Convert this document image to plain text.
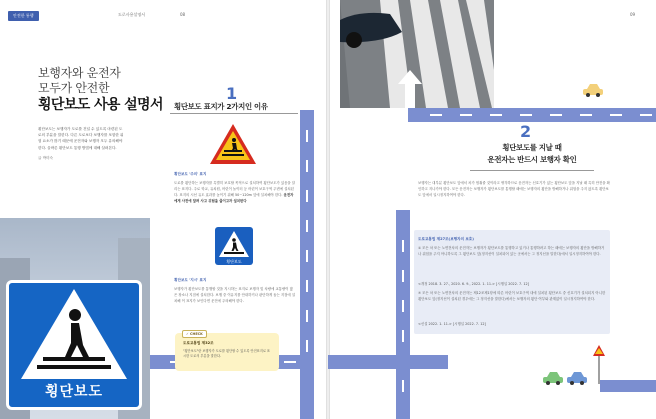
안전한 통행	도로사용설명서	08	09
보행자와 운전자
모두가 안전한
횡단보도 사용 설명서
횡단보도는 보행자가 도로를 건널 수 있도록 마련된 도로의 부분을 말한다. 다른 도로보다 보행자를 포함한 위험 요소가 많기 때문에 운전자와 보행자 모두 유의해야 한다. 올바른 횡단보도 통행 방법에 대해 살펴본다.
글 박미숙
횡단보도
1
횡단보도 표지가 2가지인 이유
횡단보도 '주의' 표지
도로를 횡단하는 보행자를 특별히 보호할 목적으로 설치하여 횡단보도가 있음을 알리는 표지다. 주로 학교, 유치원, 어린이 놀이터 등 어린이 보호구역 주변에 설치된다. 표지의 시선 유도 효과를 높이기 위해 50~120m 앞에 설치해야 한다. 운전자에게 사전에 알려 사고 위험을 줄이고자 설치한다
횡단보도
횡단보도 '지시' 표지
보행자가 횡단보도를 통행할 것을 지시하는 표지로 보행자 및 차량에 교통량이 많은 장소나 지점에 설치한다. 보행 중 이유지를 안내하거나 판단하게 돕는 지점에 설치해 이 표지가 보인다면 운전에 주의해야 한다.
도로교통법 제32조
"횡단보도"란 보행자가 도로를 횡단할 수 있도록 안전표지로 표시한 도로의 부분을 말한다.
✓ CHECK
2
횡단보도를 지날 때
운전자는 반드시 보행자 확인
보행자는 대부분 횡단보도 앞에서 차가 멈춰줄 것이라고 생각하므로 운전자는 신호기가 있는 횡단보도 앞을 지날 때 특히 안전을 확인하고 지나가야 한다. 모든 운전자는 보행자가 횡단보도를 통행할 때에는 보행자의 횡단을 방해하거나 위험을 주지 않도록 횡단보도 앞에서 일시정지하여야 한다.
도로교통법 제27조(보행자의 보호)
① 모든 차 또는 노면전차의 운전자는 보행자가 횡단보도를 통행하고 있거나 통행하려고 하는 때에는 보행자의 횡단을 방해하거나 위험을 주지 아니하도록 그 횡단보도 앞(정지선이 설치되어 있는 곳에서는 그 정지선을 말한다)에서 일시정지하여야 한다.
<개정 2018. 3. 27., 2020. 6. 9., 2022. 1. 11.> [시행일 2022. 7. 12]
⑦ 모든 차 또는 노면전차의 운전자는 제12조제1항에 따른 어린이 보호구역 내에 설치된 횡단보도 중 신호기가 설치되지 아니한 횡단보도 앞(정지선이 설치된 경우에는 그 정지선을 말한다)에서는 보행자의 횡단 여부와 관계없이 일시정지하여야 한다.
<신설 2022. 1. 11.> [시행일 2022. 7. 12]
